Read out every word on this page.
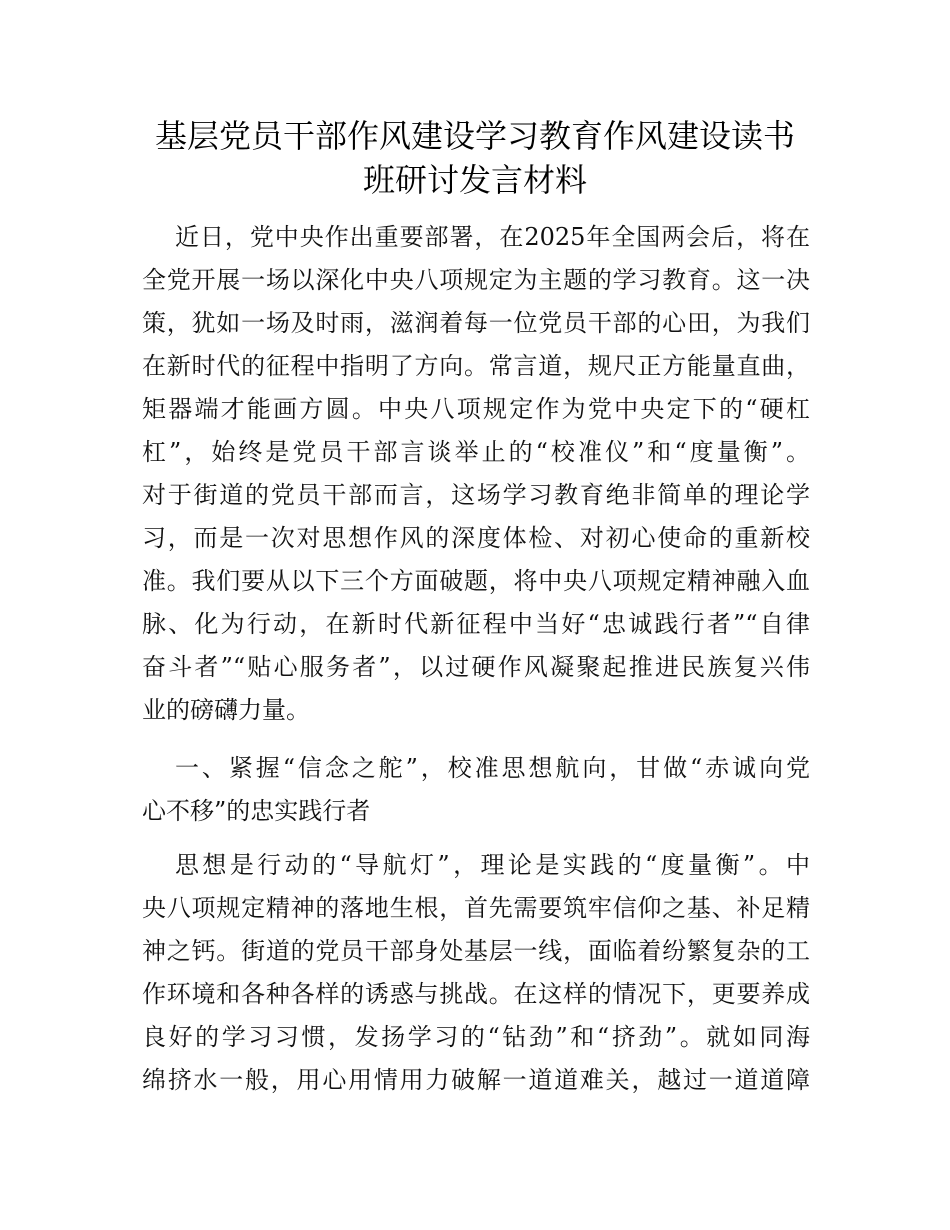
基层党员干部作风建设学习教育作风建设读书
班研讨发言材料
近日，党中央作出重要部署，在2025年全国两会后，将在
全党开展一场以深化中央八项规定为主题的学习教育。这一决
策，犹如一场及时雨，滋润着每一位党员干部的心田，为我们
在新时代的征程中指明了方向。常言道，规尺正方能量直曲，
矩器端才能画方圆。中央八项规定作为党中央定下的“硬杠
杠”，始终是党员干部言谈举止的“校准仪”和“度量衡”。
对于街道的党员干部而言，这场学习教育绝非简单的理论学
习，而是一次对思想作风的深度体检、对初心使命的重新校
准。我们要从以下三个方面破题，将中央八项规定精神融入血
脉、化为行动，在新时代新征程中当好“忠诚践行者”“自律
奋斗者”“贴心服务者”，以过硬作风凝聚起推进民族复兴伟
业的磅礴力量。
一、紧握“信念之舵”，校准思想航向，甘做“赤诚向党
心不移”的忠实践行者
思想是行动的“导航灯”，理论是实践的“度量衡”。中
央八项规定精神的落地生根，首先需要筑牢信仰之基、补足精
神之钙。街道的党员干部身处基层一线，面临着纷繁复杂的工
作环境和各种各样的诱惑与挑战。在这样的情况下，更要养成
良好的学习习惯，发扬学习的“钻劲”和“挤劲”。就如同海
绵挤水一般，用心用情用力破解一道道难关，越过一道道障
